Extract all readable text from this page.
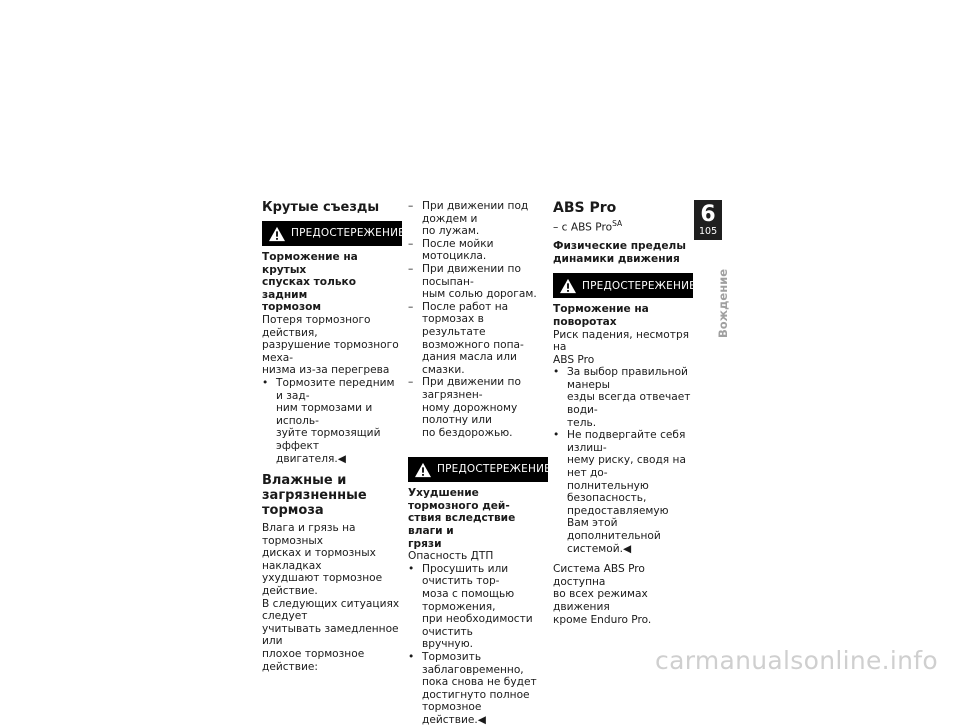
Крутые съезды
ПРЕДОСТЕРЕЖЕНИЕ
Торможение на крутых
спусках только задним
тормозом
Потеря тормозного действия,
разрушение тормозного меха-
низма из-за перегрева
• Тормозите передним и зад-
ним тормозами и исполь-
зуйте тормозящий эффект
двигателя.◀
Влажные и загрязненные
тормоза
Влага и грязь на тормозных
дисках и тормозных накладках
ухудшают тормозное действие.
В следующих ситуациях следует
учитывать замедленное или
плохое тормозное действие:
– При движении под дождем и
по лужам.
– После мойки мотоцикла.
– При движении по посыпан-
ным солью дорогам.
– После работ на тормозах в
результате возможного попа-
дания масла или смазки.
– При движении по загрязнен-
ному дорожному полотну или
по бездорожью.
ПРЕДОСТЕРЕЖЕНИЕ
Ухудшение тормозного дей-
ствия вследствие влаги и
грязи
Опасность ДТП
• Просушить или очистить тор-
моза с помощью торможения,
при необходимости очистить
вручную.
• Тормозить заблаговременно,
пока снова не будет
достигнуто полное тормозное
действие.◀
ABS Pro
– с ABS Pro$^{SA}$
Физические пределы
динамики движения
ПРЕДОСТЕРЕЖЕНИЕ
Торможение на поворотах
Риск падения, несмотря на
ABS Pro
• За выбор правильной манеры
езды всегда отвечает води-
тель.
• Не подвергайте себя излиш-
нему риску, сводя на нет до-
полнительную безопасность,
предоставляемую Вам этой
дополнительной системой.◀
Система ABS Pro доступна
во всех режимах движения
кроме Enduro Pro.
6
105
Вождение
carmanualsonline.info
